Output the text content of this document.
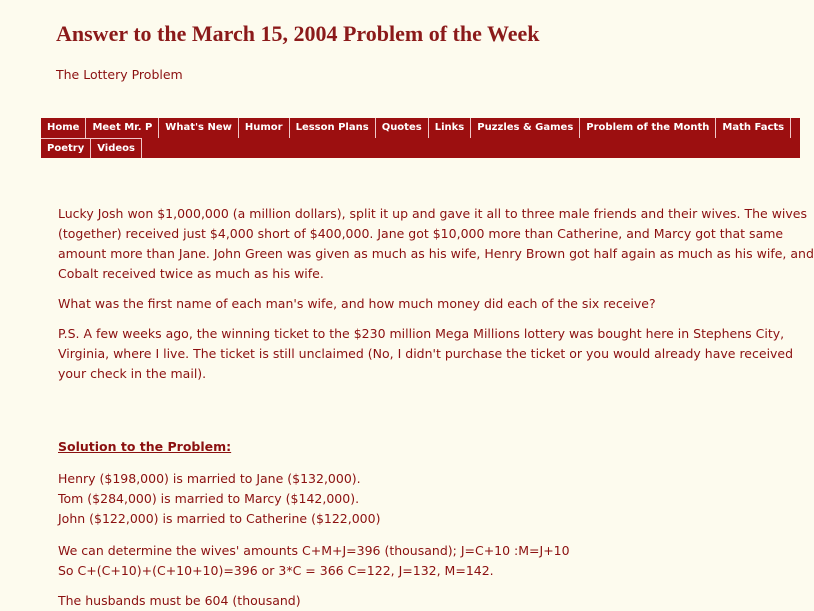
Answer to the March 15, 2004 Problem of the Week
The Lottery Problem
Home	Meet Mr. P	What's New	Humor	Lesson Plans	Quotes	Links	Puzzles & Games	Problem of the Month	Math Facts
Poetry	Videos

Lucky Josh won $1,000,000 (a million dollars), split it up and gave it all to three male friends and their wives. The wives
(together) received just $4,000 short of $400,000. Jane got $10,000 more than Catherine, and Marcy got that same
amount more than Jane. John Green was given as much as his wife, Henry Brown got half again as much as his wife, and
Cobalt received twice as much as his wife.

What was the first name of each man's wife, and how much money did each of the six receive?

P.S. A few weeks ago, the winning ticket to the $230 million Mega Millions lottery was bought here in Stephens City,
Virginia, where I live. The ticket is still unclaimed (No, I didn't purchase the ticket or you would already have received
your check in the mail).

Solution to the Problem:
Henry ($198,000) is married to Jane ($132,000).
Tom ($284,000) is married to Marcy ($142,000).
John ($122,000) is married to Catherine ($122,000)
We can determine the wives' amounts C+M+J=396 (thousand); J=C+10 :M=J+10
So C+(C+10)+(C+10+10)=396 or 3*C = 366 C=122, J=132, M=142.
The husbands must be 604 (thousand)
